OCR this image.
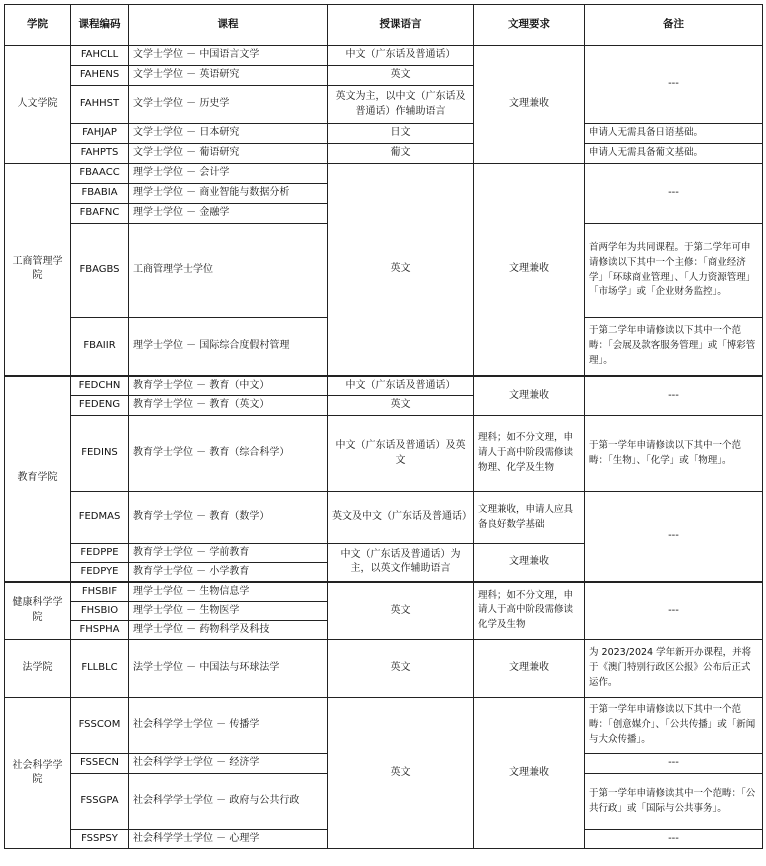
学院	课程编码	课程	授课语言	文理要求	备注
人文学院	FAHCLL	文学士学位 － 中国语言文学	中文（广东话及普通话）	文理兼收	---
	FAHENS	文学士学位 － 英语研究	英文		
	FAHHST	文学士学位 － 历史学	英文为主，以中文（广东话及普通话）作辅助语言		
	FAHJAP	文学士学位 － 日本研究	日文		申请人无需具备日语基础。
	FAHPTS	文学士学位 － 葡语研究	葡文		申请人无需具备葡文基础。
工商管理学院	FBAACC	理学士学位 － 会计学	英文	文理兼收	---
	FBABIA	理学士学位 － 商业智能与数据分析			
	FBAFNC	理学士学位 － 金融学			
	FBAGBS	工商管理学士学位			首两学年为共同课程。于第二学年可申请修读以下其中一个主修：「商业经济学」「环球商业管理」、「人力资源管理」「市场学」或「企业财务监控」。
	FBAIIR	理学士学位 － 国际综合度假村管理			于第二学年申请修读以下其中一个范畴：「会展及款客服务管理」或「博彩管理」。
教育学院	FEDCHN	教育学士学位 － 教育（中文）	中文（广东话及普通话）	文理兼收	---
	FEDENG	教育学士学位 － 教育（英文）	英文		
	FEDINS	教育学士学位 － 教育（综合科学）	中文（广东话及普通话）及英文	理科；如不分文理，申请人于高中阶段需修读物理、化学及生物	于第一学年申请修读以下其中一个范畴：「生物」、「化学」或「物理」。
	FEDMAS	教育学士学位 － 教育（数学）	英文及中文（广东话及普通话）	文理兼收，申请人应具备良好数学基础	---
	FEDPPE	教育学士学位 － 学前教育	中文（广东话及普通话）为主，以英文作辅助语言	文理兼收	
	FEDPYE	教育学士学位 － 小学教育			
健康科学学院	FHSBIF	理学士学位 － 生物信息学	英文	理科；如不分文理，申请人于高中阶段需修读化学及生物	---
	FHSBIO	理学士学位 － 生物医学			
	FHSPHA	理学士学位 － 药物科学及科技			
法学院	FLLBLC	法学士学位 － 中国法与环球法学	英文	文理兼收	为 2023/2024 学年新开办课程，并将于《澳门特别行政区公报》公布后正式运作。
社会科学学院	FSSCOM	社会科学学士学位 － 传播学	英文	文理兼收	于第一学年申请修读以下其中一个范畴：「创意媒介」、「公共传播」或「新闻与大众传播」。
	FSSECN	社会科学学士学位 － 经济学			---
	FSSGPA	社会科学学士学位 － 政府与公共行政			于第一学年申请修读其中一个范畴：「公共行政」或「国际与公共事务」。
	FSSPSY	社会科学学士学位 － 心理学			---
